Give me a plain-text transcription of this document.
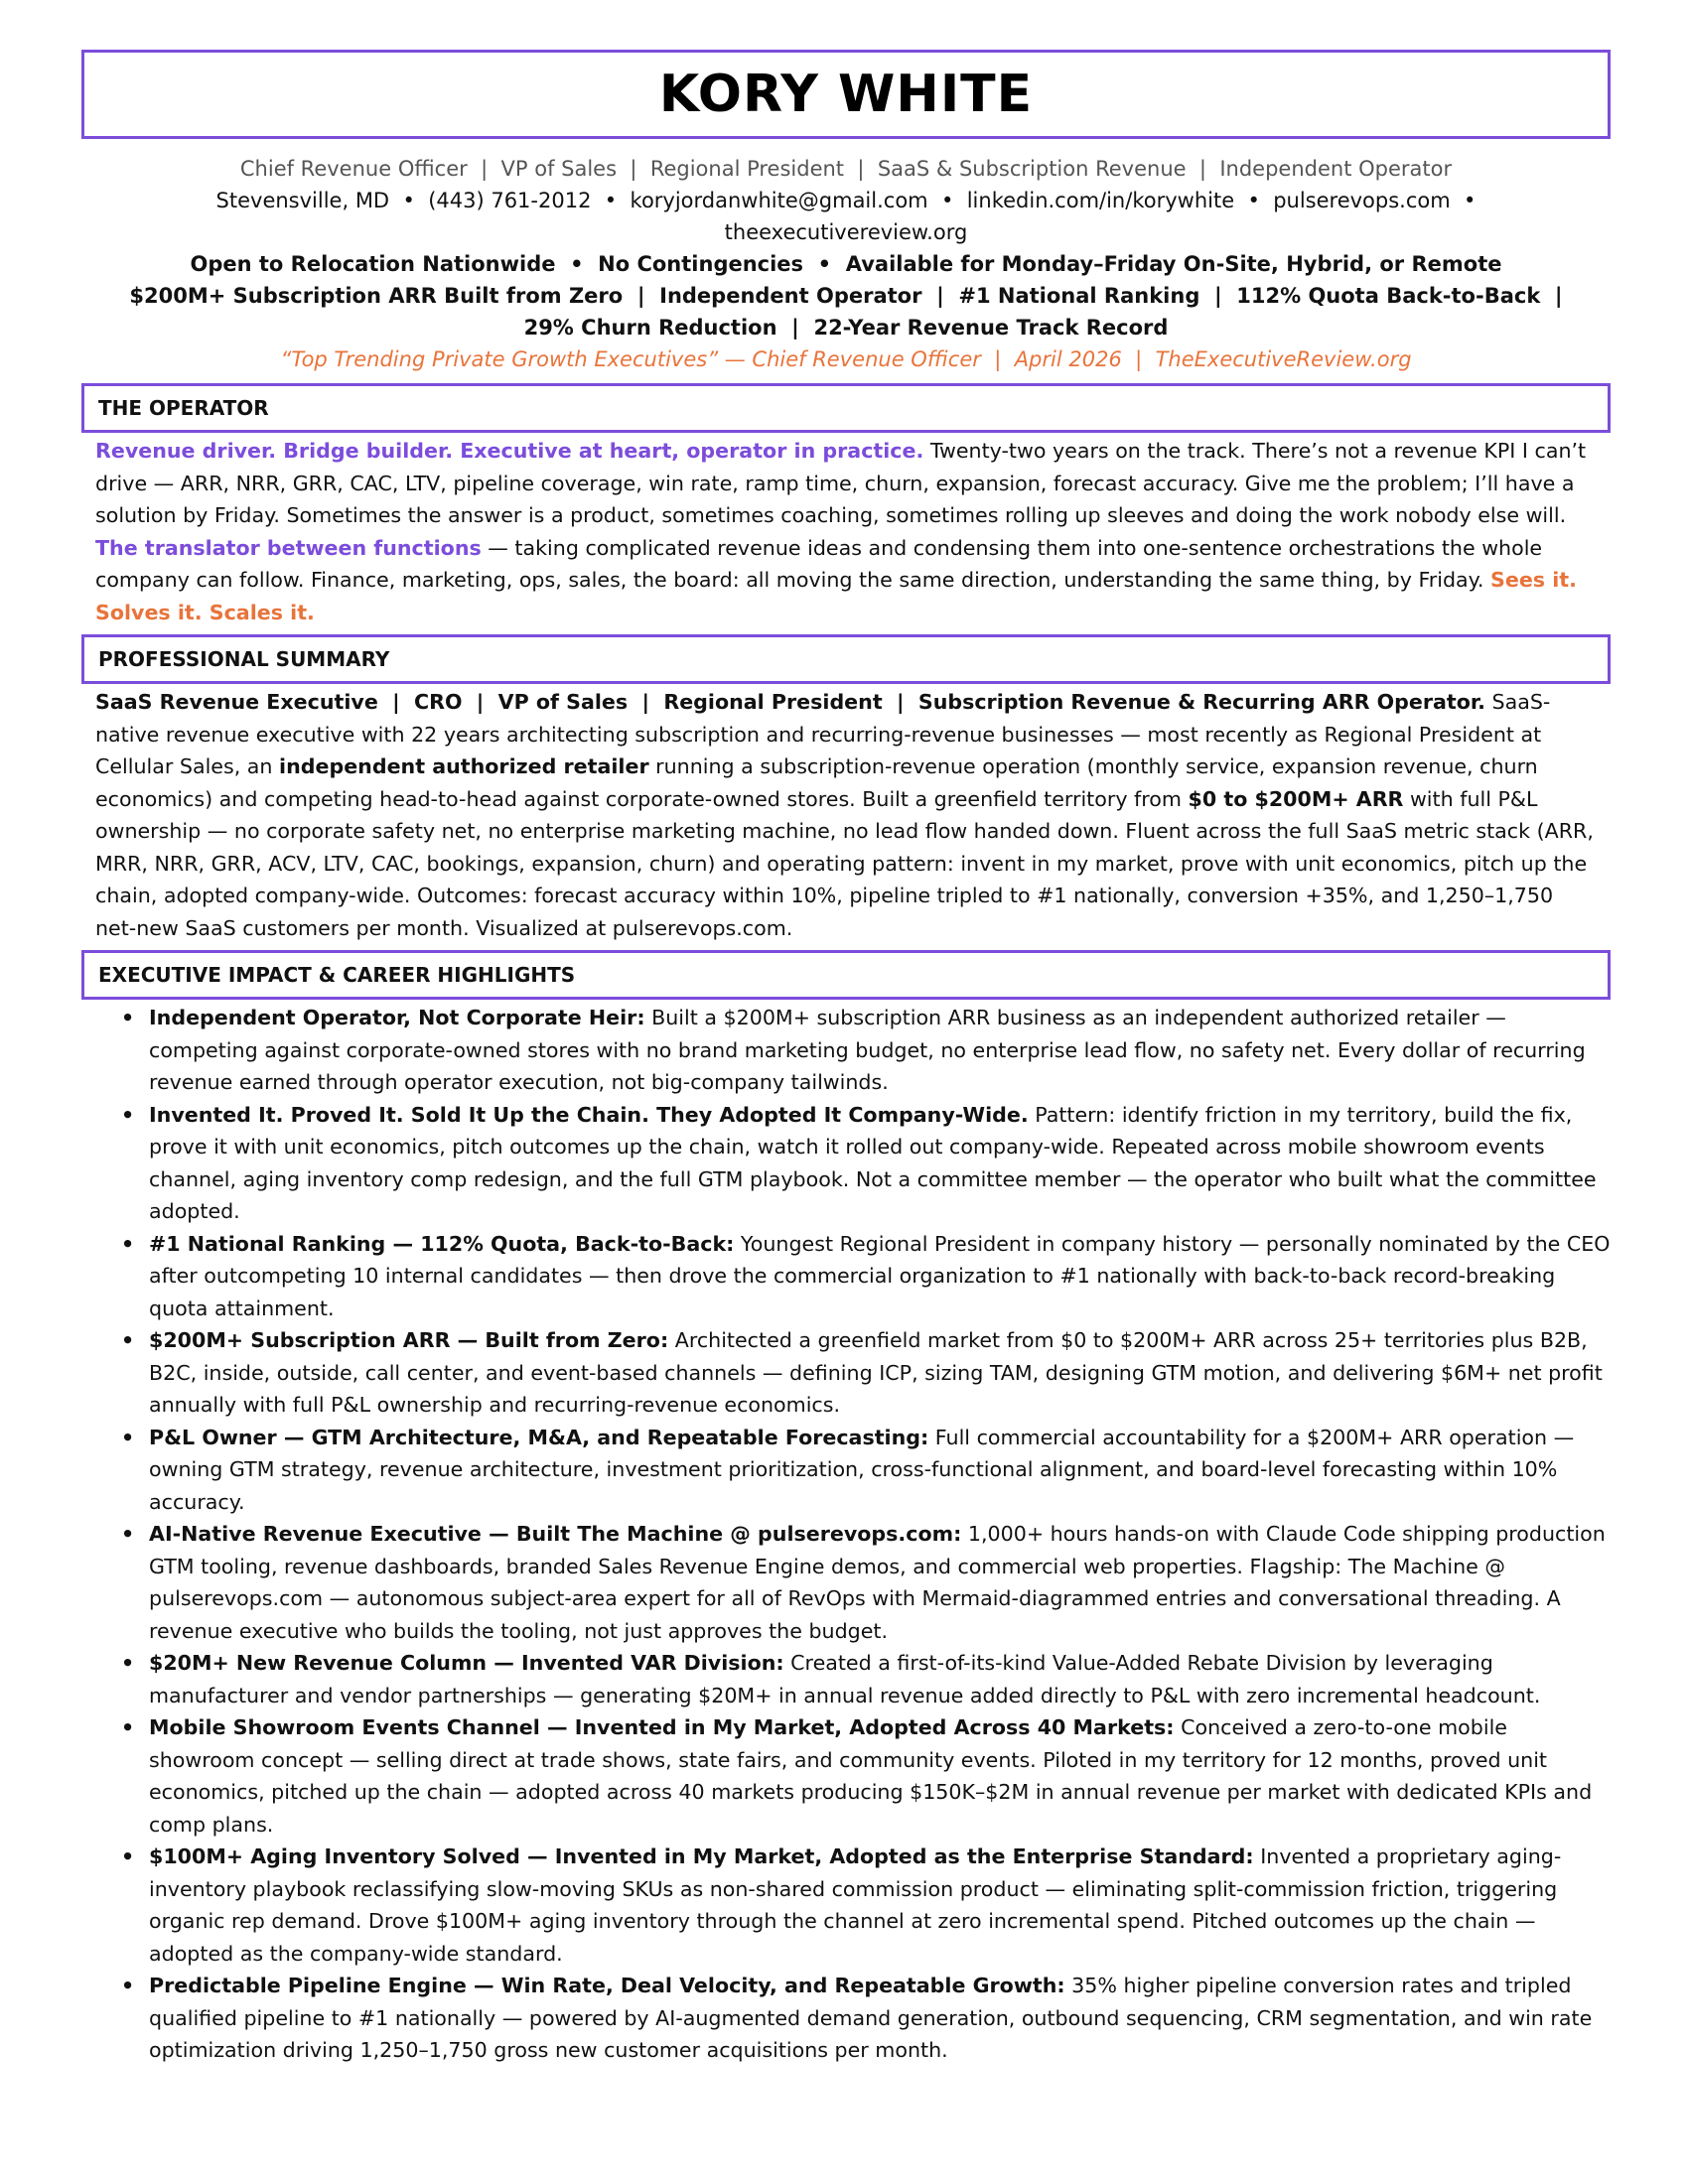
KORY WHITE
Chief Revenue Officer  |  VP of Sales  |  Regional President  |  SaaS & Subscription Revenue  |  Independent Operator
Stevensville, MD  •  (443) 761-2012  •  koryjordanwhite@gmail.com  •  linkedin.com/in/korywhite  •  pulserevops.com  •
theexecutivereview.org
Open to Relocation Nationwide  •  No Contingencies  •  Available for Monday–Friday On-Site, Hybrid, or Remote
$200M+ Subscription ARR Built from Zero  |  Independent Operator  |  #1 National Ranking  |  112% Quota Back-to-Back  |  29% Churn Reduction  |  22-Year Revenue Track Record
“Top Trending Private Growth Executives” — Chief Revenue Officer  |  April 2026  |  TheExecutiveReview.org
THE OPERATOR
Revenue driver. Bridge builder. Executive at heart, operator in practice. Twenty-two years on the track. There’s not a revenue KPI I can’t drive — ARR, NRR, GRR, CAC, LTV, pipeline coverage, win rate, ramp time, churn, expansion, forecast accuracy. Give me the problem; I’ll have a solution by Friday. Sometimes the answer is a product, sometimes coaching, sometimes rolling up sleeves and doing the work nobody else will. The translator between functions — taking complicated revenue ideas and condensing them into one-sentence orchestrations the whole company can follow. Finance, marketing, ops, sales, the board: all moving the same direction, understanding the same thing, by Friday. Sees it. Solves it. Scales it.
PROFESSIONAL SUMMARY
SaaS Revenue Executive  |  CRO  |  VP of Sales  |  Regional President  |  Subscription Revenue & Recurring ARR Operator. SaaS-native revenue executive with 22 years architecting subscription and recurring-revenue businesses — most recently as Regional President at Cellular Sales, an independent authorized retailer running a subscription-revenue operation (monthly service, expansion revenue, churn economics) and competing head-to-head against corporate-owned stores. Built a greenfield territory from $0 to $200M+ ARR with full P&L ownership — no corporate safety net, no enterprise marketing machine, no lead flow handed down. Fluent across the full SaaS metric stack (ARR, MRR, NRR, GRR, ACV, LTV, CAC, bookings, expansion, churn) and operating pattern: invent in my market, prove with unit economics, pitch up the chain, adopted company-wide. Outcomes: forecast accuracy within 10%, pipeline tripled to #1 nationally, conversion +35%, and 1,250–1,750 net-new SaaS customers per month. Visualized at pulserevops.com.
EXECUTIVE IMPACT & CAREER HIGHLIGHTS
• Independent Operator, Not Corporate Heir: Built a $200M+ subscription ARR business as an independent authorized retailer — competing against corporate-owned stores with no brand marketing budget, no enterprise lead flow, no safety net. Every dollar of recurring revenue earned through operator execution, not big-company tailwinds.
• Invented It. Proved It. Sold It Up the Chain. They Adopted It Company-Wide. Pattern: identify friction in my territory, build the fix, prove it with unit economics, pitch outcomes up the chain, watch it rolled out company-wide. Repeated across mobile showroom events channel, aging inventory comp redesign, and the full GTM playbook. Not a committee member — the operator who built what the committee adopted.
• #1 National Ranking — 112% Quota, Back-to-Back: Youngest Regional President in company history — personally nominated by the CEO after outcompeting 10 internal candidates — then drove the commercial organization to #1 nationally with back-to-back record-breaking quota attainment.
• $200M+ Subscription ARR — Built from Zero: Architected a greenfield market from $0 to $200M+ ARR across 25+ territories plus B2B, B2C, inside, outside, call center, and event-based channels — defining ICP, sizing TAM, designing GTM motion, and delivering $6M+ net profit annually with full P&L ownership and recurring-revenue economics.
• P&L Owner — GTM Architecture, M&A, and Repeatable Forecasting: Full commercial accountability for a $200M+ ARR operation — owning GTM strategy, revenue architecture, investment prioritization, cross-functional alignment, and board-level forecasting within 10% accuracy.
• AI-Native Revenue Executive — Built The Machine @ pulserevops.com: 1,000+ hours hands-on with Claude Code shipping production GTM tooling, revenue dashboards, branded Sales Revenue Engine demos, and commercial web properties. Flagship: The Machine @ pulserevops.com — autonomous subject-area expert for all of RevOps with Mermaid-diagrammed entries and conversational threading. A revenue executive who builds the tooling, not just approves the budget.
• $20M+ New Revenue Column — Invented VAR Division: Created a first-of-its-kind Value-Added Rebate Division by leveraging manufacturer and vendor partnerships — generating $20M+ in annual revenue added directly to P&L with zero incremental headcount.
• Mobile Showroom Events Channel — Invented in My Market, Adopted Across 40 Markets: Conceived a zero-to-one mobile showroom concept — selling direct at trade shows, state fairs, and community events. Piloted in my territory for 12 months, proved unit economics, pitched up the chain — adopted across 40 markets producing $150K–$2M in annual revenue per market with dedicated KPIs and comp plans.
• $100M+ Aging Inventory Solved — Invented in My Market, Adopted as the Enterprise Standard: Invented a proprietary aging-inventory playbook reclassifying slow-moving SKUs as non-shared commission product — eliminating split-commission friction, triggering organic rep demand. Drove $100M+ aging inventory through the channel at zero incremental spend. Pitched outcomes up the chain — adopted as the company-wide standard.
• Predictable Pipeline Engine — Win Rate, Deal Velocity, and Repeatable Growth: 35% higher pipeline conversion rates and tripled qualified pipeline to #1 nationally — powered by AI-augmented demand generation, outbound sequencing, CRM segmentation, and win rate optimization driving 1,250–1,750 gross new customer acquisitions per month.
